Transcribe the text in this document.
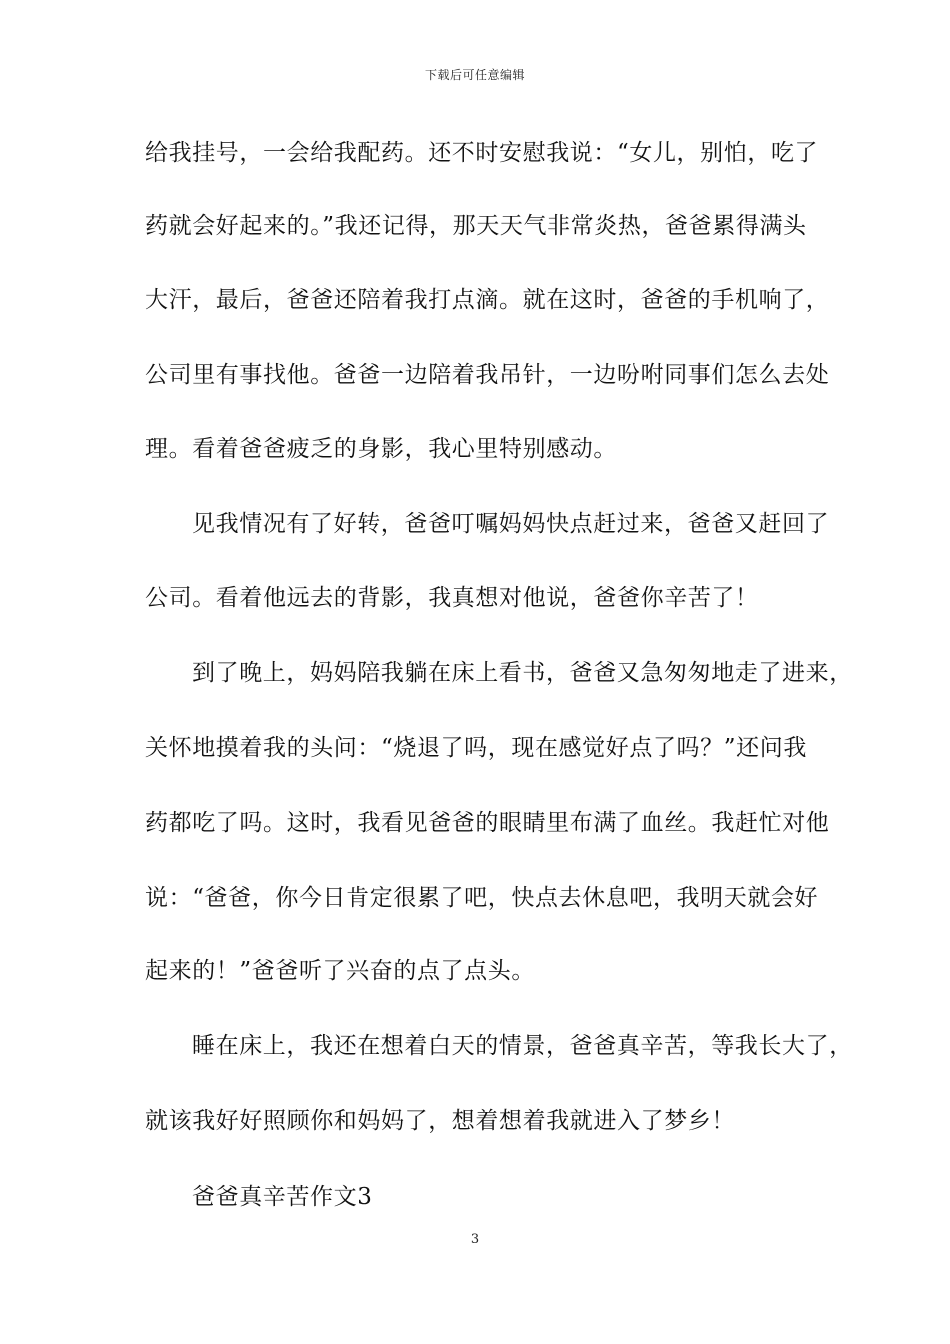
下载后可任意编辑
给我挂号，一会给我配药。还不时安慰我说：“女儿，别怕，吃了
药就会好起来的。”我还记得，那天天气非常炎热，爸爸累得满头
大汗，最后，爸爸还陪着我打点滴。就在这时，爸爸的手机响了，
公司里有事找他。爸爸一边陪着我吊针，一边吩咐同事们怎么去处
理。看着爸爸疲乏的身影，我心里特别感动。
见我情况有了好转，爸爸叮嘱妈妈快点赶过来，爸爸又赶回了
公司。看着他远去的背影，我真想对他说，爸爸你辛苦了！
到了晚上，妈妈陪我躺在床上看书，爸爸又急匆匆地走了进来，
关怀地摸着我的头问：“烧退了吗，现在感觉好点了吗？”还问我
药都吃了吗。这时，我看见爸爸的眼睛里布满了血丝。我赶忙对他
说：“爸爸，你今日肯定很累了吧，快点去休息吧，我明天就会好
起来的！”爸爸听了兴奋的点了点头。
睡在床上，我还在想着白天的情景，爸爸真辛苦，等我长大了，
就该我好好照顾你和妈妈了，想着想着我就进入了梦乡！
爸爸真辛苦作文3
3
